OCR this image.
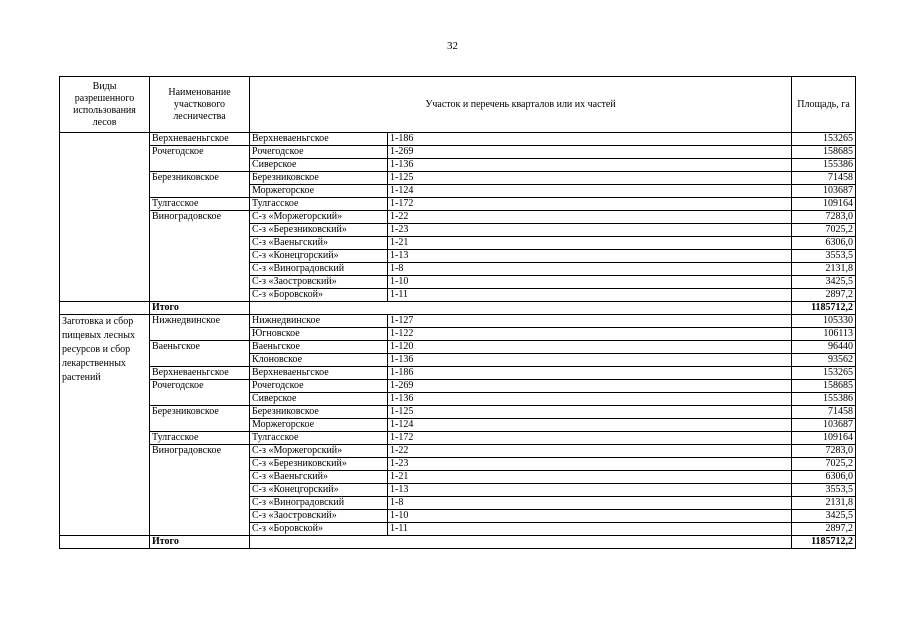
32
Виды разрешенного использования лесов	Наименование участкового лесничества	Участок и перечень кварталов или их частей		Площадь, га
	Верхневаеньгское	Верхневаеньгское	1-186	153265
	Рочегодское	Рочегодское	1-269	158685
		Сиверское	1-136	155386
	Березниковское	Березниковское	1-125	71458
		Моржегорское	1-124	103687
	Тулгасское	Тулгасское	1-172	109164
	Виноградовское	С-з «Моржегорский»	1-22	7283,0
		С-з «Березниковский»	1-23	7025,2
		С-з «Ваеньгский»	1-21	6306,0
		С-з «Конецгорский»	1-13	3553,5
		С-з «Виноградовский	1-8	2131,8
		С-з «Заостровский»	1-10	3425,5
		С-з «Боровской»	1-11	2897,2
	Итого			1185712,2
Заготовка и сбор пищевых лесных ресурсов и сбор лекарственных растений	Нижнедвинское	Нижнедвинское	1-127	105330
		Югновское	1-122	106113
	Ваеньгское	Ваеньгское	1-120	96440
		Клоновское	1-136	93562
	Верхневаеньгское	Верхневаеньгское	1-186	153265
	Рочегодское	Рочегодское	1-269	158685
		Сиверское	1-136	155386
	Березниковское	Березниковское	1-125	71458
		Моржегорское	1-124	103687
	Тулгасское	Тулгасское	1-172	109164
	Виноградовское	С-з «Моржегорский»	1-22	7283,0
		С-з «Березниковский»	1-23	7025,2
		С-з «Ваеньгский»	1-21	6306,0
		С-з «Конецгорский»	1-13	3553,5
		С-з «Виноградовский	1-8	2131,8
		С-з «Заостровский»	1-10	3425,5
		С-з «Боровской»	1-11	2897,2
	Итого			1185712,2
